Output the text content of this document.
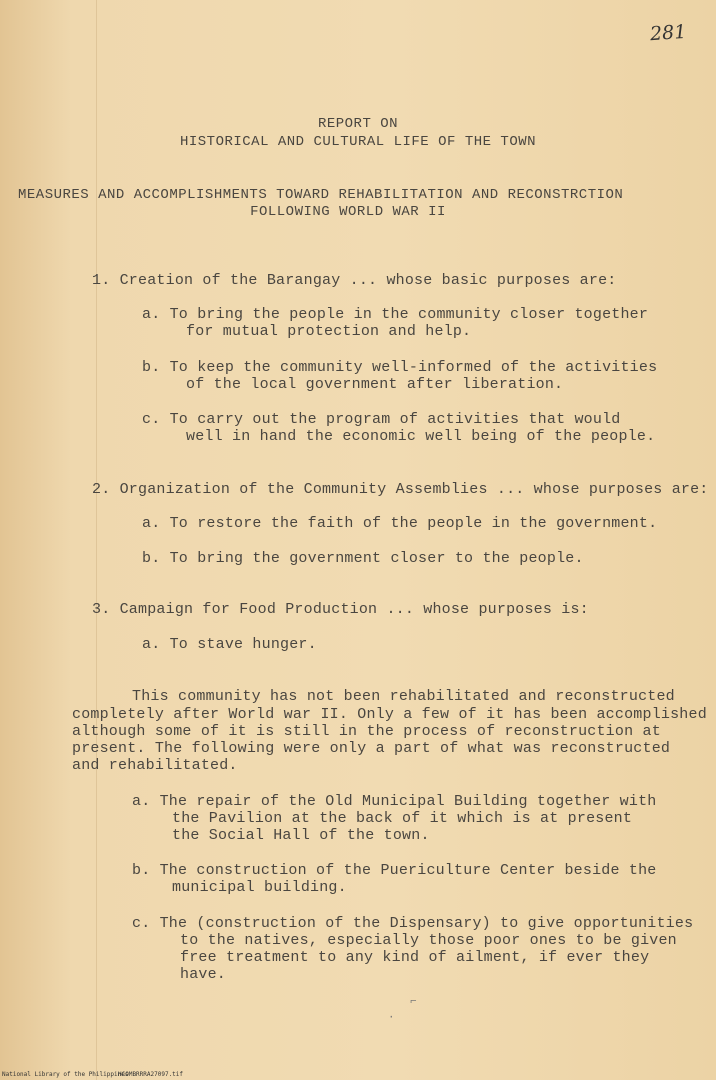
281
REPORT ON
HISTORICAL AND CULTURAL LIFE OF THE TOWN
MEASURES AND ACCOMPLISHMENTS TOWARD REHABILITATION AND RECONSTRCTION
FOLLOWING WORLD WAR II
1. Creation of the Barangay ... whose basic purposes are:
a. To bring the people in the community closer together
for mutual protection and help.
b. To keep the community well-informed of the activities
of the local government after liberation.
c. To carry out the program of activities that would
well in hand the economic well being of the people.
2. Organization of the Community Assemblies ... whose purposes are:
a. To restore the faith of the people in the government.
b. To bring the government closer to the people.
3. Campaign for Food Production ... whose purposes is:
a. To stave hunger.
This community has not been rehabilitated and reconstructed
completely after World war II. Only a few of it has been accomplished
although some of it is still in the process of reconstruction at
present. The following were only a part of what was reconstructed
and rehabilitated.
a. The repair of the Old Municipal Building together with
the Pavilion at the back of it which is at present
the Social Hall of the town.
b. The construction of the Puericulture Center beside the
municipal building.
c. The (construction of the Dispensary) to give opportunities
to the natives, especially those poor ones to be given
free treatment to any kind of ailment, if ever they
have.
⌐
·
National Library of the Philippines
HCOMBRRRA27097.tif
